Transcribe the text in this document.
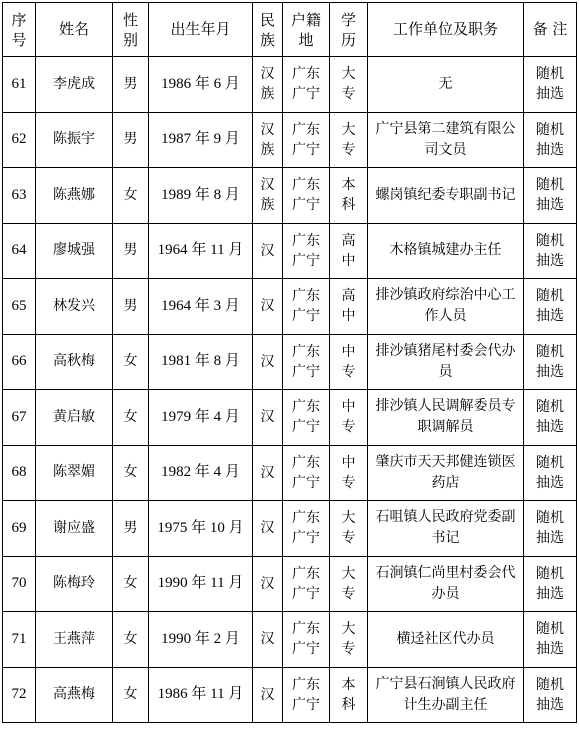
序号	姓名	性别	出生年月	民族	户籍地	学历	工作单位及职务	备 注
61	李虎成	男	1986 年 6 月	汉族	广东广宁	大专	无	随机抽选
62	陈振宇	男	1987 年 9 月	汉族	广东广宁	大专	广宁县第二建筑有限公司文员	随机抽选
63	陈燕娜	女	1989 年 8 月	汉族	广东广宁	本科	螺岗镇纪委专职副书记	随机抽选
64	廖城强	男	1964 年 11 月	汉	广东广宁	高中	木格镇城建办主任	随机抽选
65	林发兴	男	1964 年 3 月	汉	广东广宁	高中	排沙镇政府综治中心工作人员	随机抽选
66	高秋梅	女	1981 年 8 月	汉	广东广宁	中专	排沙镇猪尾村委会代办员	随机抽选
67	黄启敏	女	1979 年 4 月	汉	广东广宁	中专	排沙镇人民调解委员专职调解员	随机抽选
68	陈翠媚	女	1982 年 4 月	汉	广东广宁	中专	肇庆市天天邦健连锁医药店	随机抽选
69	谢应盛	男	1975 年 10 月	汉	广东广宁	大专	石咀镇人民政府党委副书记	随机抽选
70	陈梅玲	女	1990 年 11 月	汉	广东广宁	大专	石涧镇仁尚里村委会代办员	随机抽选
71	王燕萍	女	1990 年 2 月	汉	广东广宁	大专	横迳社区代办员	随机抽选
72	高燕梅	女	1986 年 11 月	汉	广东广宁	本科	广宁县石涧镇人民政府计生办副主任	随机抽选
